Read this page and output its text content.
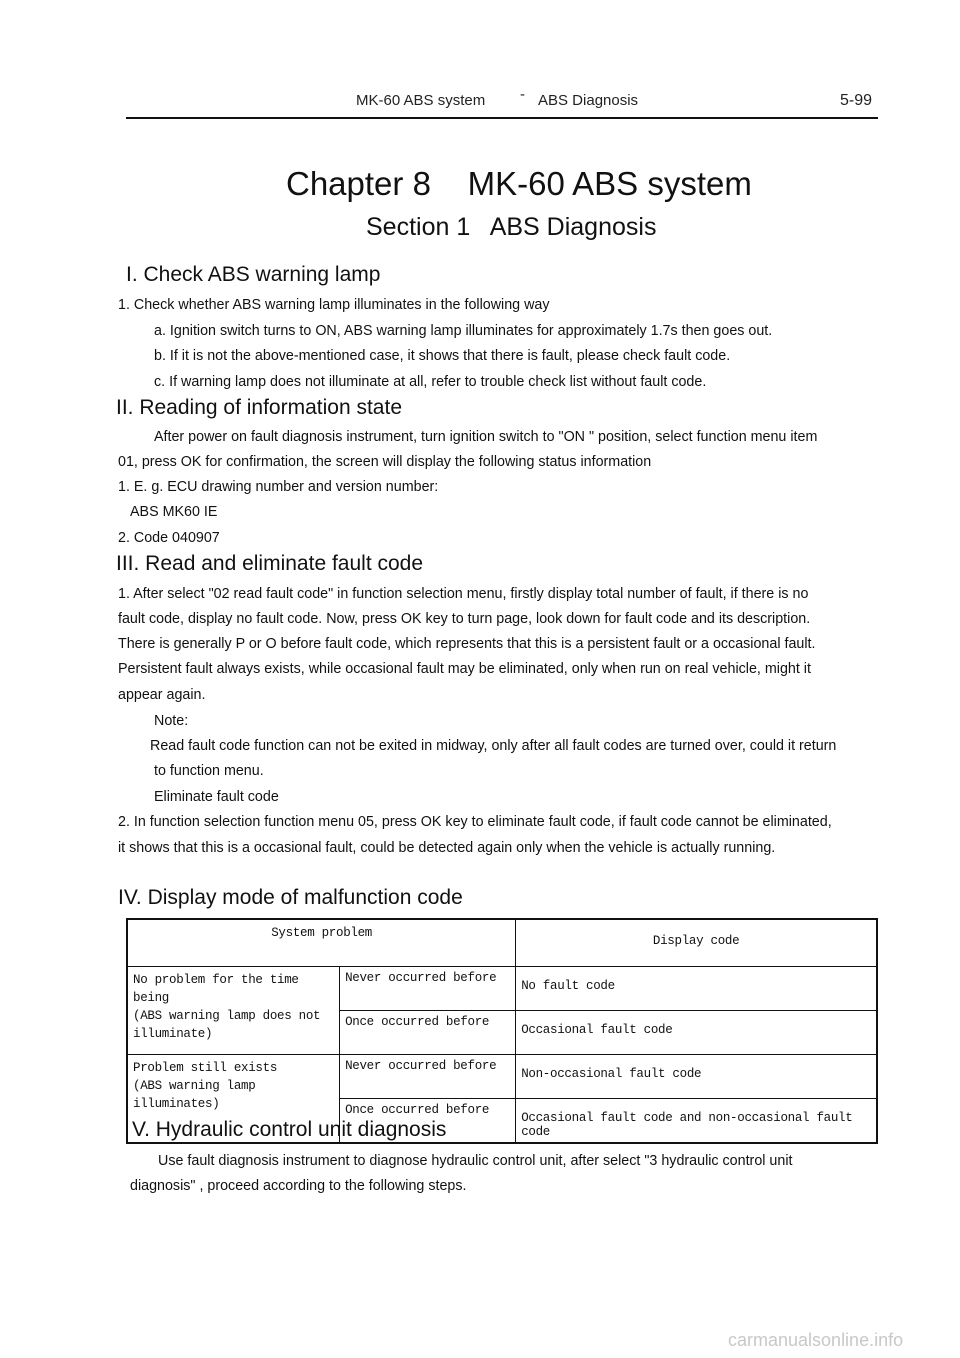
MK-60 ABS system - ABS Diagnosis	5-99
Chapter 8    MK-60 ABS system
Section 1   ABS Diagnosis
I. Check ABS warning lamp
1. Check whether ABS warning lamp illuminates in the following way
a. Ignition switch turns to ON, ABS warning lamp illuminates for approximately 1.7s then goes out.
b. If it is not the above-mentioned case, it shows that there is fault, please check fault code.
c. If warning lamp does not illuminate at all, refer to trouble check list without fault code.
II. Reading of information state
After power on fault diagnosis instrument, turn ignition switch to "ON " position, select function menu item
01, press OK for confirmation, the screen will display the following status information
1. E. g. ECU drawing number and version number:
ABS MK60 IE
2. Code 040907
III. Read and eliminate fault code
1. After select "02 read fault code" in function selection menu, firstly display total number of fault, if there is no
fault code, display no fault code. Now, press OK key to turn page, look down for fault code and its description.
There is generally P or O before fault code, which represents that this is a persistent fault or a occasional fault.
Persistent fault always exists, while occasional fault may be eliminated, only when run on real vehicle, might it
appear again.
Note:
Read fault code function can not be exited in midway, only after all fault codes are turned over, could it return
to function menu.
Eliminate fault code
2. In function selection function menu 05, press OK key to eliminate fault code, if fault code cannot be eliminated,
it shows that this is a occasional fault, could be detected again only when the vehicle is actually running.
IV. Display mode of malfunction code
System problem		Display code

No problem for the time being
(ABS warning lamp does not
illuminate)	Never occurred before	No fault code
	Once occurred before	Occasional fault code

Problem still exists
(ABS warning lamp
illuminates)	Never occurred before	Non-occasional fault code
	Once occurred before	Occasional fault code and non-occasional fault code
V. Hydraulic control unit diagnosis
Use fault diagnosis instrument to diagnose hydraulic control unit, after select "3 hydraulic control unit
diagnosis" , proceed according to the following steps.
carmanualsonline.info
